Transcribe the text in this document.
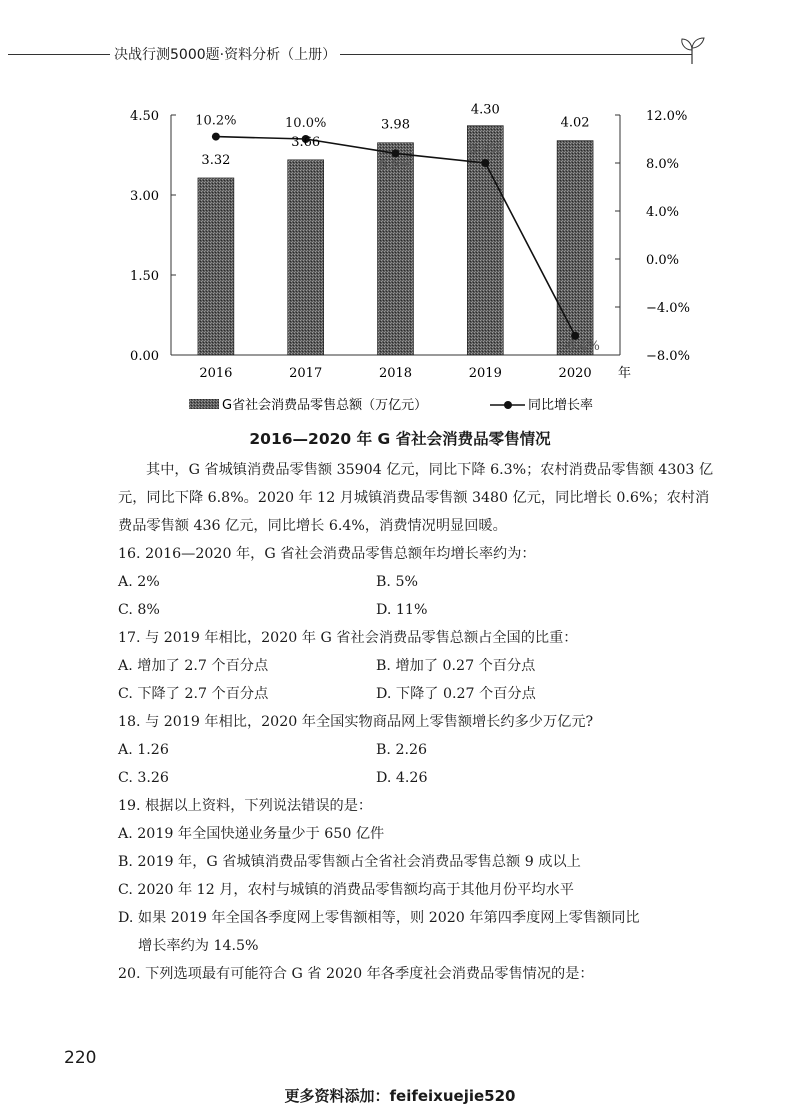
决战行测5000题·资料分析（上册）
0.00
1.50
3.00
4.50	12.0%
8.0%
4.0%
0.0%
−4.0%
−8.0%
2016	2017	2018	2019	2020 年
3.32
3.66
3.98
4.30
4.02
10.2%	10.0%
8.8%
8.0%
-6.4%
G省社会消费品零售总额（万亿元）	同比增长率
2016—2020 年 G 省社会消费品零售情况

其中，G 省城镇消费品零售额 35904 亿元，同比下降 6.3%；农村消费品零售额 4303 亿元，同比下降 6.8%。2020 年 12 月城镇消费品零售额 3480 亿元，同比增长 0.6%；农村消费品零售额 436 亿元，同比增长 6.4%，消费情况明显回暖。

16. 2016—2020 年，G 省社会消费品零售总额年均增长率约为：
A. 2%	B. 5%
C. 8%	D. 11%
17. 与 2019 年相比，2020 年 G 省社会消费品零售总额占全国的比重：
A. 增加了 2.7 个百分点	B. 增加了 0.27 个百分点
C. 下降了 2.7 个百分点	D. 下降了 0.27 个百分点
18. 与 2019 年相比，2020 年全国实物商品网上零售额增长约多少万亿元?
A. 1.26	B. 2.26
C. 3.26	D. 4.26
19. 根据以上资料，下列说法错误的是：
A. 2019 年全国快递业务量少于 650 亿件
B. 2019 年，G 省城镇消费品零售额占全省社会消费品零售总额 9 成以上
C. 2020 年 12 月，农村与城镇的消费品零售额均高于其他月份平均水平
D. 如果 2019 年全国各季度网上零售额相等，则 2020 年第四季度网上零售额同比
增长率约为 14.5%
20. 下列选项最有可能符合 G 省 2020 年各季度社会消费品零售情况的是：
220
更多资料添加：feifeixuejie520
